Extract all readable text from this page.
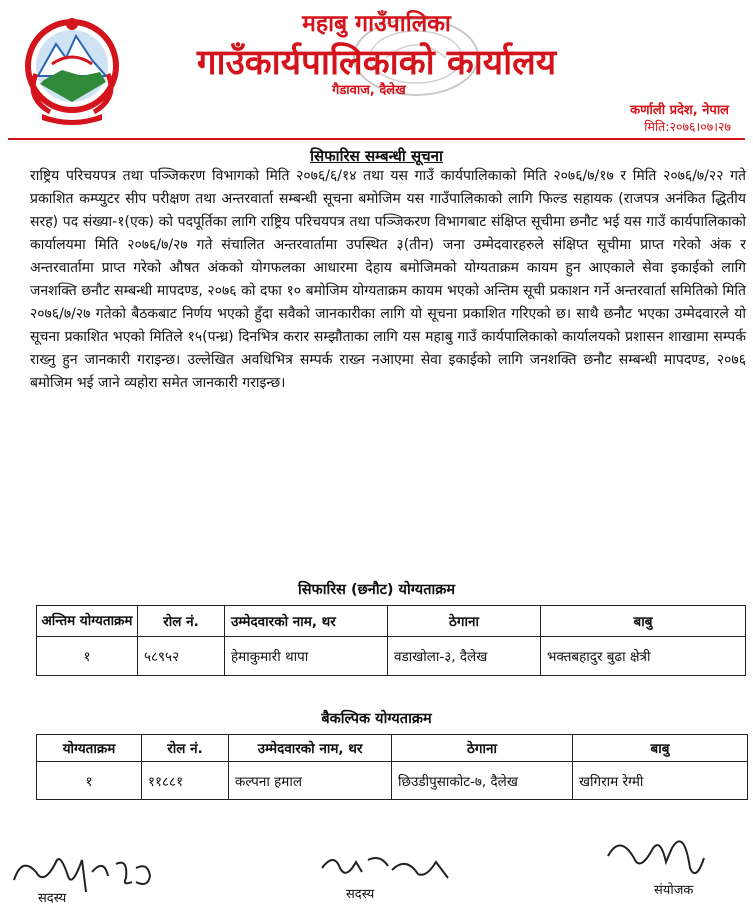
महाबु गाउँपालिका
गाउँकार्यपालिकाको कार्यालय
गैडावाज, दैलेख
कर्णाली प्रदेश, नेपाल
मिति:२०७६।०७।२७
सिफारिस सम्बन्धी सूचना

राष्ट्रिय परिचयपत्र तथा पञ्जिकरण विभागको मिति २०७६/६/१४ तथा यस गाउँ कार्यपालिकाको मिति २०७६/७/१७ र मिति २०७६/७/२२ गते प्रकाशित कम्प्युटर सीप परीक्षण तथा अन्तरवार्ता सम्बन्धी सूचना बमोजिम यस गाउँपालिकाको लागि फिल्ड सहायक (राजपत्र अनंकित द्धितीय सरह) पद संख्या-१(एक) को पदपूर्तिका लागि राष्ट्रिय परिचयपत्र तथा पञ्जिकरण विभागबाट संक्षिप्त सूचीमा छनौट भई यस गाउँ कार्यपालिकाको कार्यालयमा मिति २०७६/७/२७ गते संचालित अन्तरवार्तामा उपस्थित ३(तीन) जना उम्मेदवारहरुले संक्षिप्त सूचीमा प्राप्त गरेको अंक र अन्तरवार्तामा प्राप्त गरेको औषत अंकको योगफलका आधारमा देहाय बमोजिमको योग्यताक्रम कायम हुन आएकाले सेवा इकाईको लागि जनशक्ति छनौट सम्बन्धी मापदण्ड, २०७६ को दफा १० बमोजिम योग्यताक्रम कायम भएको अन्तिम सूची प्रकाशन गर्ने अन्तरवार्ता समितिको मिति २०७६/७/२७ गतेको बैठकबाट निर्णय भएको हुँदा सवैको जानकारीका लागि यो सूचना प्रकाशित गरिएको छ। साथै छनौट भएका उम्मेदवारले यो सूचना प्रकाशित भएको मितिले १५(पन्ध्र) दिनभित्र करार सम्झौताका लागि यस महाबु गाउँ कार्यपालिकाको कार्यालयको प्रशासन शाखामा सम्पर्क राख्नु हुन जानकारी गराइन्छ। उल्लेखित अवधिभित्र सम्पर्क राख्न नआएमा सेवा इकाईको लागि जनशक्ति छनौट सम्बन्धी मापदण्ड, २०७६ बमोजिम भई जाने व्यहोरा समेत जानकारी गराइन्छ।

सिफारिस (छनौट) योग्यताक्रम
अन्तिम योग्यताक्रम	रोल नं.	उम्मेदवारको नाम, थर	ठेगाना	बाबु
१	५८९५२	हेमाकुमारी थापा	वडाखोला-३, दैलेख	भक्तबहादुर बुढा क्षेत्री
बैकल्पिक योग्यताक्रम
योग्यताक्रम	रोल नं.	उम्मेदवारको नाम, थर	ठेगाना	बाबु
१	११८८१	कल्पना हमाल	छिउडीपुसाकोट-७, दैलेख	खगिराम रेग्मी
सदस्य	सदस्य	संयोजक
